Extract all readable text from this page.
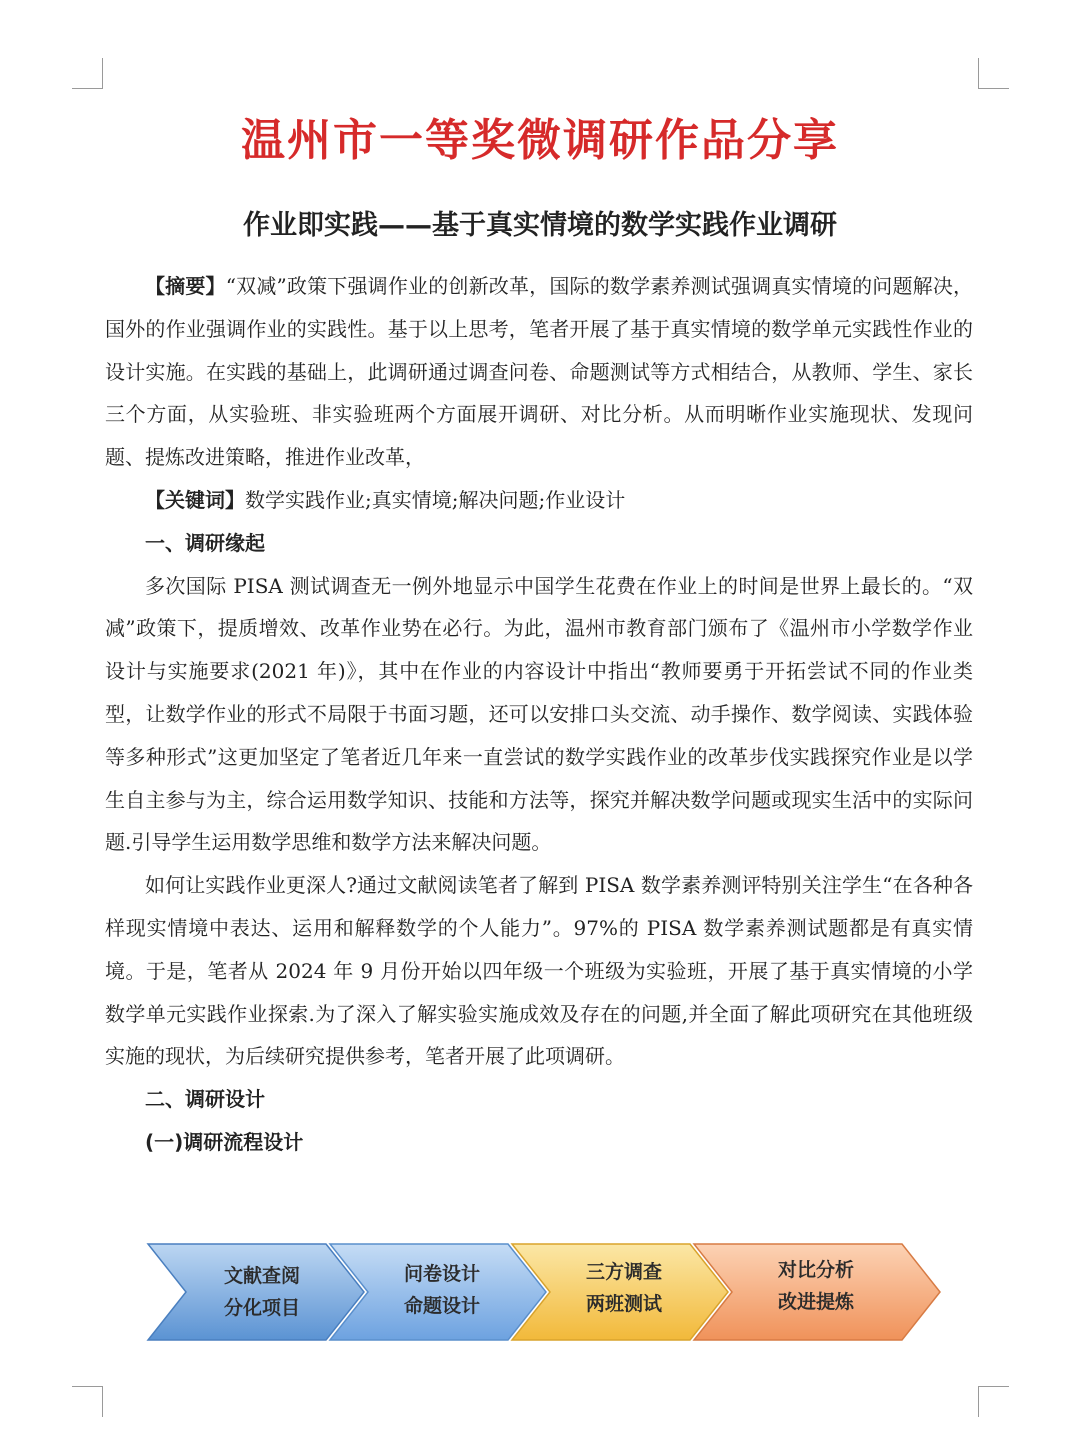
温州市一等奖微调研作品分享
作业即实践——基于真实情境的数学实践作业调研

【摘要】“双减”政策下强调作业的创新改革，国际的数学素养测试强调真实情境的问题解决，国外的作业强调作业的实践性。基于以上思考，笔者开展了基于真实情境的数学单元实践性作业的设计实施。在实践的基础上，此调研通过调查问卷、命题测试等方式相结合，从教师、学生、家长三个方面，从实验班、非实验班两个方面展开调研、对比分析。从而明晰作业实施现状、发现问题、提炼改进策略，推进作业改革，

【关键词】数学实践作业;真实情境;解决问题;作业设计

一、调研缘起

多次国际 PISA 测试调查无一例外地显示中国学生花费在作业上的时间是世界上最长的。“双减”政策下，提质增效、改革作业势在必行。为此，温州市教育部门颁布了《温州市小学数学作业设计与实施要求(2021 年)》，其中在作业的内容设计中指出“教师要勇于开拓尝试不同的作业类型，让数学作业的形式不局限于书面习题，还可以安排口头交流、动手操作、数学阅读、实践体验等多种形式”这更加坚定了笔者近几年来一直尝试的数学实践作业的改革步伐实践探究作业是以学生自主参与为主，综合运用数学知识、技能和方法等，探究并解决数学问题或现实生活中的实际问题.引导学生运用数学思维和数学方法来解决问题。

如何让实践作业更深人?通过文献阅读笔者了解到 PISA 数学素养测评特别关注学生“在各种各样现实情境中表达、运用和解释数学的个人能力”。97%的 PISA 数学素养测试题都是有真实情境。于是，笔者从 2024 年 9 月份开始以四年级一个班级为实验班，开展了基于真实情境的小学数学单元实践作业探索.为了深入了解实验实施成效及存在的问题,并全面了解此项研究在其他班级实施的现状，为后续研究提供参考，笔者开展了此项调研。

二、调研设计

(一)调研流程设计

文献查阅
分化项目
问卷设计
命题设计
三方调查
两班测试
对比分析
改进提炼
